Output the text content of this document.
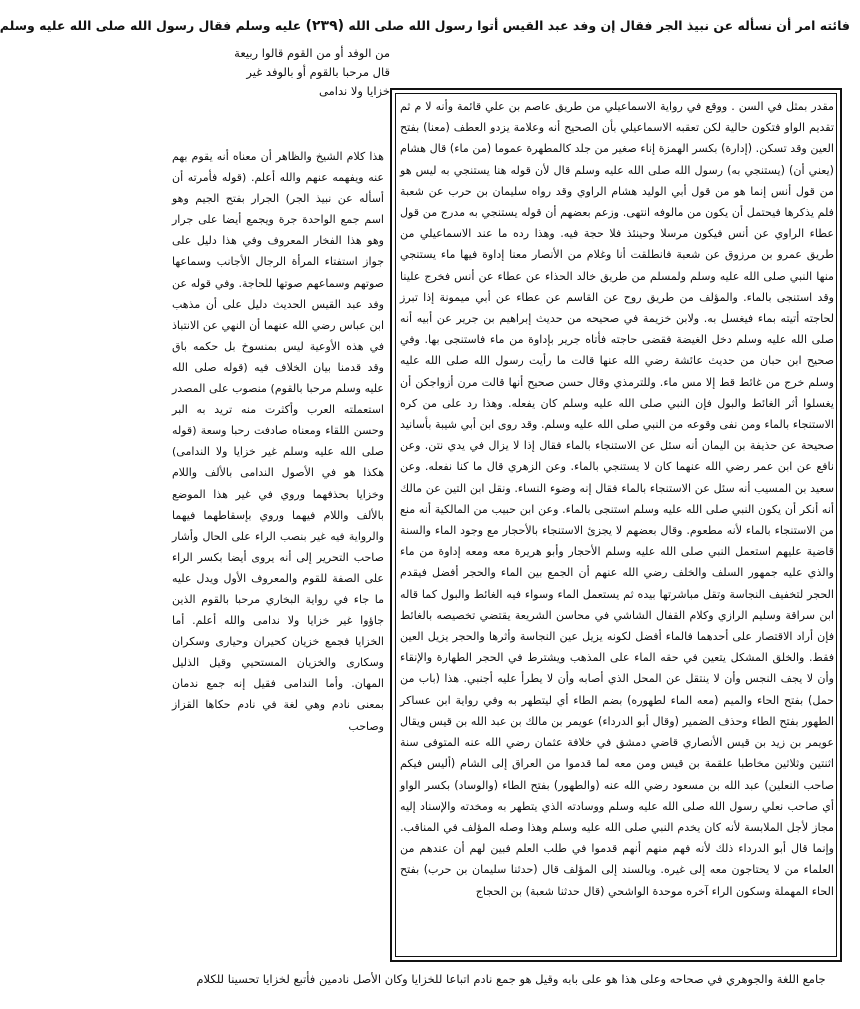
فائته امر أن نسأله عن نبيذ الجر فقال إن وفد عبد القيس أتوا رسول الله صلى الله (٢٣٩) عليه وسلم فقال رسول الله صلى الله عليه وسلم

من الوفد أو من القوم قالوا ربيعة

قال مرحبا بالقوم أو بالوفد غير

خزايا ولا ندامى

مقدر بمثل في السن . ووقع في رواية الاسماعيلي من طريق عاصم بن علي قائمة وأنه لا م ثم تقديم الواو فتكون حالية لكن تعقبه الاسماعيلي بأن الصحيح أنه وعلامة يزدو العطف (معنا) بفتح العين وقد تسكن. (إدارة) بكسر الهمزة إناء صغير من جلد كالمطهرة عموما (من ماء) قال هشام (يعني أن) (يستنجي به) رسول الله صلى الله عليه وسلم قال لأن قوله هنا يستنجي به ليس هو من قول أنس إنما هو من قول أبي الوليد هشام الراوي وقد رواه سليمان بن حرب عن شعبة فلم يذكرها فيحتمل أن يكون من مالوفه انتهى. وزعم بعضهم أن قوله يستنجي به مدرج من قول عطاء الراوي عن أنس فيكون مرسلا وحينئذ فلا حجة فيه. وهذا رده ما عند الاسماعيلي من طريق عمرو بن مرزوق عن شعبة فانطلقت أنا وغلام من الأنصار معنا إداوة فيها ماء يستنجي منها النبي صلى الله عليه وسلم ولمسلم من طريق خالد الحذاء عن عطاء عن أنس فخرج علينا وقد استنجى بالماء. والمؤلف من طريق روح عن القاسم عن عطاء عن أبي ميمونة إذا تبرز لحاجته أتيته بماء فيغسل به. ولابن خزيمة في صحيحه من حديث إبراهيم بن جرير عن أبيه أنه صلى الله عليه وسلم دخل الغيضة فقضى حاجته فأتاه جرير بإداوة من ماء فاستنجى بها. وفي صحيح ابن حبان من حديث عائشة رضي الله عنها قالت ما رأيت رسول الله صلى الله عليه وسلم خرج من غائط قط إلا مس ماء. وللترمذي وقال حسن صحيح أنها قالت مرن أزواجكن أن يغسلوا أثر الغائط والبول فإن النبي صلى الله عليه وسلم كان يفعله. وهذا رد على من كره الاستنجاء بالماء ومن نفى وقوعه من النبي صلى الله عليه وسلم. وقد روى ابن أبي شيبة بأسانيد صحيحة عن حذيفة بن اليمان أنه سئل عن الاستنجاء بالماء فقال إذا لا يزال في يدي نتن. وعن نافع عن ابن عمر رضي الله عنهما كان لا يستنجي بالماء. وعن الزهري قال ما كنا نفعله. وعن سعيد بن المسيب أنه سئل عن الاستنجاء بالماء فقال إنه وضوء النساء. ونقل ابن التين عن مالك أنه أنكر أن يكون النبي صلى الله عليه وسلم استنجى بالماء. وعن ابن حبيب من المالكية أنه منع من الاستنجاء بالماء لأنه مطعوم. وقال بعضهم لا يجزئ الاستنجاء بالأحجار مع وجود الماء والسنة قاضية عليهم استعمل النبي صلى الله عليه وسلم الأحجار وأبو هريرة معه ومعه إداوة من ماء والذي عليه جمهور السلف والخلف رضي الله عنهم أن الجمع بين الماء والحجر أفضل فيقدم الحجر لتخفيف النجاسة وتقل مباشرتها بيده ثم يستعمل الماء وسواء فيه الغائط والبول كما قاله ابن سراقة وسليم الرازي وكلام القفال الشاشي في محاسن الشريعة يقتضي تخصيصه بالغائط فإن أراد الاقتصار على أحدهما فالماء أفضل لكونه يزيل عين النجاسة وأثرها والحجر يزيل العين فقط. والخلق المشكل يتعين في حقه الماء على المذهب ويشترط في الحجر الطهارة والإنقاء وأن لا يجف النجس وأن لا ينتقل عن المحل الذي أصابه وأن لا يطرأ عليه أجنبي. هذا (باب من حمل) بفتح الحاء والميم (معه الماء لطهوره) بضم الطاء أي ليتطهر به وفي رواية ابن عساكر الطهور بفتح الطاء وحذف الضمير (وقال أبو الدرداء) عويمر بن مالك بن عبد الله بن قيس ويقال عويمر بن زيد بن قيس الأنصاري قاضي دمشق في خلافة عثمان رضي الله عنه المتوفى سنة اثنتين وثلاثين مخاطبا علقمة بن قيس ومن معه لما قدموا من العراق إلى الشام (أليس فيكم صاحب النعلين) عبد الله بن مسعود رضي الله عنه (والطهور) بفتح الطاء (والوساد) بكسر الواو أي صاحب نعلي رسول الله صلى الله عليه وسلم ووسادته الذي يتطهر به ومخدته والإسناد إليه مجاز لأجل الملابسة لأنه كان يخدم النبي صلى الله عليه وسلم وهذا وصله المؤلف في المناقب. وإنما قال أبو الدرداء ذلك لأنه فهم منهم أنهم قدموا في طلب العلم فبين لهم أن عندهم من العلماء من لا يحتاجون معه إلى غيره. وبالسند إلى المؤلف قال (حدثنا سليمان بن حرب) بفتح الحاء المهملة وسكون الراء آخره موحدة الواشحي (قال حدثنا شعبة) بن الحجاج

هذا كلام الشيخ والظاهر أن معناه أنه يقوم بهم عنه ويفهمه عنهم والله أعلم. (قوله فأمرته أن أسأله عن نبيذ الجر) الجرار بفتح الجيم وهو اسم جمع الواحدة جرة ويجمع أيضا على جرار وهو هذا الفخار المعروف وفي هذا دليل على جواز استفتاء المرأة الرجال الأجانب وسماعها صوتهم وسماعهم صوتها للحاجة. وفي قوله عن وفد عبد القيس الحديث دليل على أن مذهب ابن عباس رضي الله عنهما أن النهي عن الانتباذ في هذه الأوعية ليس بمنسوخ بل حكمه باق وقد قدمنا بيان الخلاف فيه (قوله صلى الله عليه وسلم مرحبا بالقوم) منصوب على المصدر استعملته العرب وأكثرت منه تريد به البر وحسن اللقاء ومعناه صادفت رحبا وسعة (قوله صلى الله عليه وسلم غير خزايا ولا الندامى) هكذا هو في الأصول الندامى بالألف واللام وخزايا بحذفهما وروي في غير هذا الموضع بالألف واللام فيهما وروي بإسقاطهما فيهما والرواية فيه غير بنصب الراء على الحال وأشار صاحب التحرير إلى أنه يروى أيضا بكسر الراء على الصفة للقوم والمعروف الأول ويدل عليه ما جاء في رواية البخاري مرحبا بالقوم الذين جاؤوا غير خزايا ولا ندامى والله أعلم. أما الخزايا فجمع خزيان كحيران وحيارى وسكران وسكارى والخزيان المستحيي وقيل الذليل المهان. وأما الندامى فقيل إنه جمع ندمان بمعنى نادم وهي لغة في نادم حكاها القزاز وصاحب

جامع اللغة والجوهري في صحاحه وعلى هذا هو على بابه وقيل هو جمع نادم اتباعا للخزايا وكان الأصل نادمين فأتبع لخزايا تحسينا للكلام
